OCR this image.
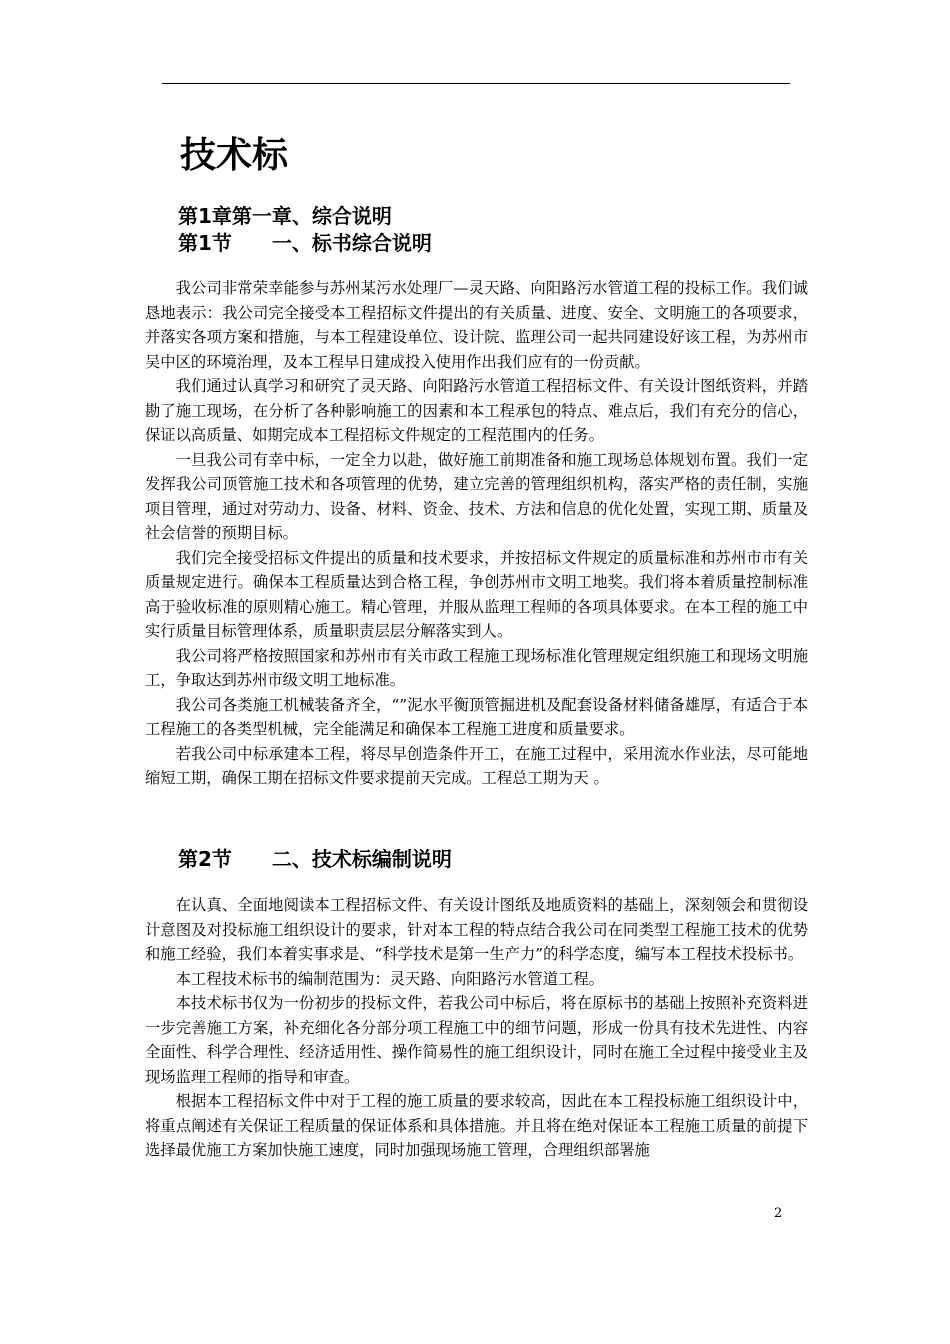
技术标
第1章第一章、综合说明
第1节　　一、标书综合说明

我公司非常荣幸能参与苏州某污水处理厂—灵天路、向阳路污水管道工程的投标工作。我们诚恳地表示：我公司完全接受本工程招标文件提出的有关质量、进度、安全、文明施工的各项要求，并落实各项方案和措施，与本工程建设单位、设计院、监理公司一起共同建设好该工程，为苏州市吴中区的环境治理，及本工程早日建成投入使用作出我们应有的一份贡献。

我们通过认真学习和研究了灵天路、向阳路污水管道工程招标文件、有关设计图纸资料，并踏勘了施工现场，在分析了各种影响施工的因素和本工程承包的特点、难点后，我们有充分的信心，保证以高质量、如期完成本工程招标文件规定的工程范围内的任务。

一旦我公司有幸中标，一定全力以赴，做好施工前期准备和施工现场总体规划布置。我们一定发挥我公司顶管施工技术和各项管理的优势，建立完善的管理组织机构，落实严格的责任制，实施项目管理，通过对劳动力、设备、材料、资金、技术、方法和信息的优化处置，实现工期、质量及社会信誉的预期目标。

我们完全接受招标文件提出的质量和技术要求，并按招标文件规定的质量标准和苏州市市有关质量规定进行。确保本工程质量达到合格工程，争创苏州市文明工地奖。我们将本着质量控制标准高于验收标准的原则精心施工。精心管理，并服从监理工程师的各项具体要求。在本工程的施工中实行质量目标管理体系，质量职责层层分解落实到人。

我公司将严格按照国家和苏州市有关市政工程施工现场标准化管理规定组织施工和现场文明施工，争取达到苏州市级文明工地标准。

我公司各类施工机械装备齐全，“”泥水平衡顶管掘进机及配套设备材料储备雄厚，有适合于本工程施工的各类型机械，完全能满足和确保本工程施工进度和质量要求。

若我公司中标承建本工程，将尽早创造条件开工，在施工过程中，采用流水作业法，尽可能地缩短工期，确保工期在招标文件要求提前天完成。工程总工期为天 。

第2节　　二、技术标编制说明

在认真、全面地阅读本工程招标文件、有关设计图纸及地质资料的基础上，深刻领会和贯彻设计意图及对投标施工组织设计的要求，针对本工程的特点结合我公司在同类型工程施工技术的优势和施工经验，我们本着实事求是、“科学技术是第一生产力”的科学态度，编写本工程技术投标书。

本工程技术标书的编制范围为：灵天路、向阳路污水管道工程。

本技术标书仅为一份初步的投标文件，若我公司中标后，将在原标书的基础上按照补充资料进一步完善施工方案，补充细化各分部分项工程施工中的细节问题，形成一份具有技术先进性、内容全面性、科学合理性、经济适用性、操作简易性的施工组织设计，同时在施工全过程中接受业主及现场监理工程师的指导和审查。

根据本工程招标文件中对于工程的施工质量的要求较高，因此在本工程投标施工组织设计中，将重点阐述有关保证工程质量的保证体系和具体措施。并且将在绝对保证本工程施工质量的前提下选择最优施工方案加快施工速度，同时加强现场施工管理，合理组织部署施

2
